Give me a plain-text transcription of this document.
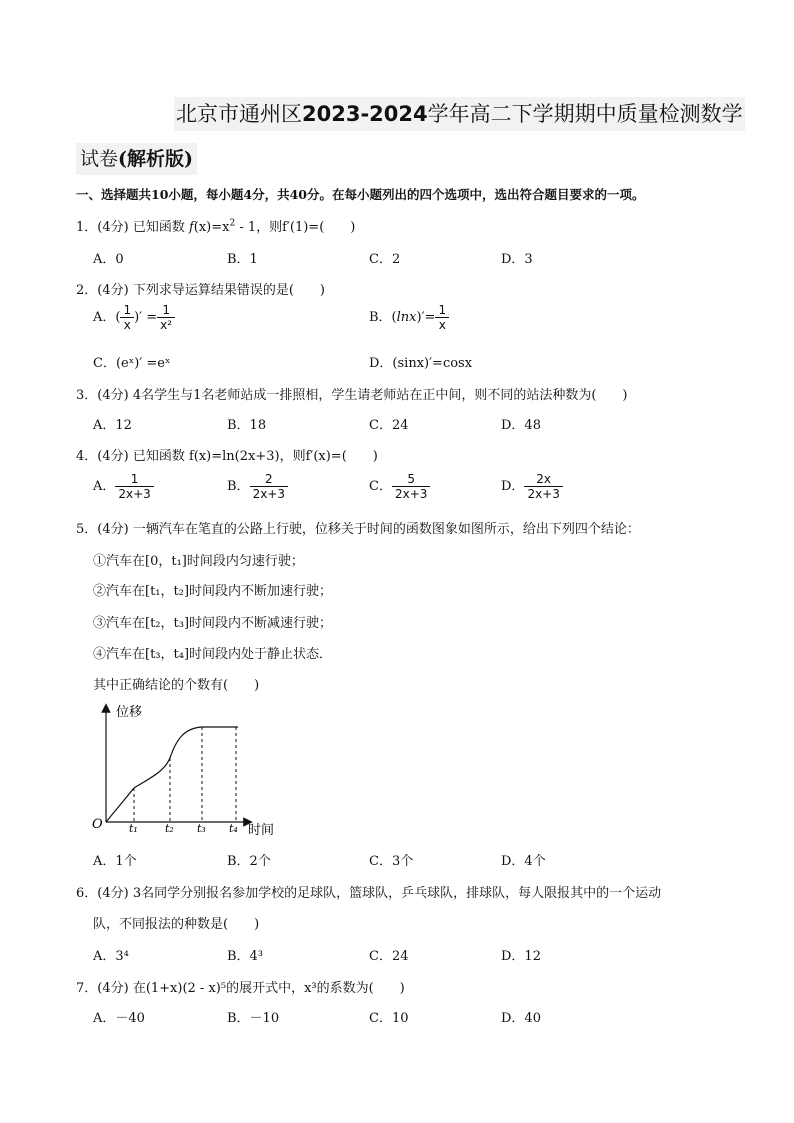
北京市通州区2023-2024学年高二下学期期中质量检测数学
试卷(解析版)
一、选择题共10小题，每小题4分，共40分。在每小题列出的四个选项中，选出符合题目要求的一项。
1．(4分) 已知函数 $f(x)=x^2 - 1$，则f′(1)=(　　)
A．0	B．1	C．2	D．3
2．(4分) 下列求导运算结果错误的是(　　)
A．( $\frac{1}{x}$ )′ = $\frac{1}{\text{x²}}$	B．$(\ln x)'= \frac{1}{x}$
C．(eˣ)′ =eˣ	D．(sinx)′=cosx
3．(4分) 4名学生与1名老师站成一排照相，学生请老师站在正中间，则不同的站法种数为(　　)
A．12	B．18	C．24	D．48
4．(4分) 已知函数 f(x)=ln(2x+3)，则f′(x)=(　　)
A． $\frac{1}{2x+3}$	B． $\frac{2}{2x+3}$	C． $\frac{5}{2x+3}$	D． $\frac{2x}{2x+3}$
5．(4分) 一辆汽车在笔直的公路上行驶，位移关于时间的函数图象如图所示，给出下列四个结论：
①汽车在[0，t₁]时间段内匀速行驶；
②汽车在[t₁，t₂]时间段内不断加速行驶；
③汽车在[t₂，t₃]时间段内不断减速行驶；
④汽车在[t₃，t₄]时间段内处于静止状态．
其中正确结论的个数有(　　)
位移
时间
O t₁ t₂ t₃ t₄
A．1个	B．2个	C．3个	D．4个
6．(4分) 3名同学分别报名参加学校的足球队，篮球队，乒乓球队，排球队，每人限报其中的一个运动
队，不同报法的种数是(　　)
A．3⁴	B．4³	C．24	D．12
7．(4分) 在(1+x)(2 - x)⁵的展开式中，x³的系数为(　　)
A．－40	B．－10	C．10	D．40
